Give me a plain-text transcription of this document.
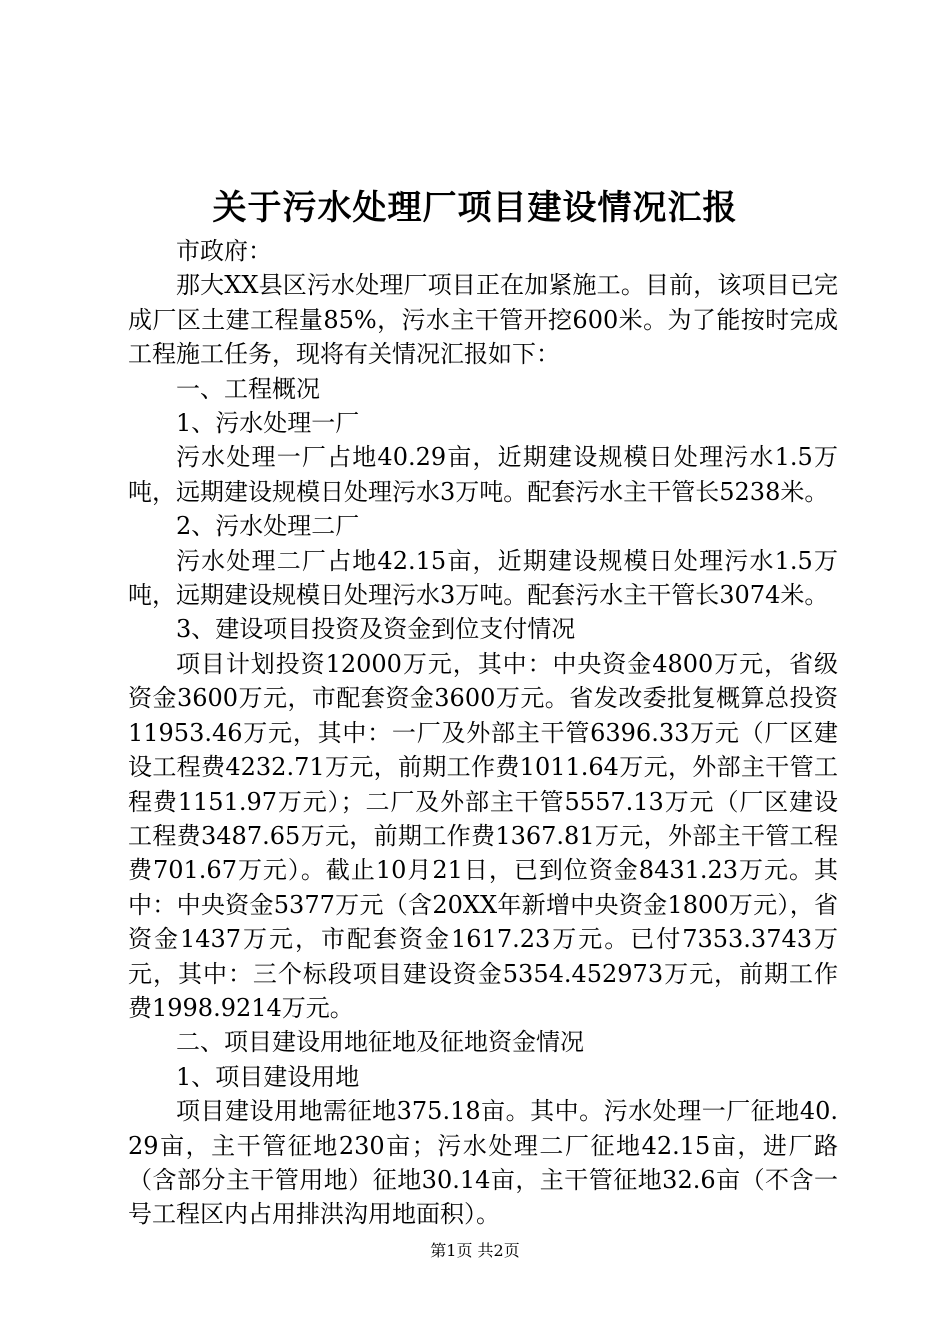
关于污水处理厂项目建设情况汇报

市政府：

那大XX县区污水处理厂项目正在加紧施工。目前，该项目已完成厂区土建工程量85%，污水主干管开挖600米。为了能按时完成工程施工任务，现将有关情况汇报如下：

一、工程概况

1、污水处理一厂

污水处理一厂占地40.29亩，近期建设规模日处理污水1.5万吨，远期建设规模日处理污水3万吨。配套污水主干管长5238米。

2、污水处理二厂

污水处理二厂占地42.15亩，近期建设规模日处理污水1.5万吨，远期建设规模日处理污水3万吨。配套污水主干管长3074米。

3、建设项目投资及资金到位支付情况

项目计划投资12000万元，其中：中央资金4800万元，省级资金3600万元，市配套资金3600万元。省发改委批复概算总投资11953.46万元，其中：一厂及外部主干管6396.33万元（厂区建设工程费4232.71万元，前期工作费1011.64万元，外部主干管工程费1151.97万元）；二厂及外部主干管5557.13万元（厂区建设工程费3487.65万元，前期工作费1367.81万元，外部主干管工程费701.67万元）。截止10月21日，已到位资金8431.23万元。其中：中央资金5377万元（含20XX年新增中央资金1800万元），省资金1437万元，市配套资金1617.23万元。已付7353.3743万元，其中：三个标段项目建设资金5354.452973万元，前期工作费1998.9214万元。

二、项目建设用地征地及征地资金情况

1、项目建设用地

项目建设用地需征地375.18亩。其中。污水处理一厂征地40.29亩，主干管征地230亩；污水处理二厂征地42.15亩，进厂路（含部分主干管用地）征地30.14亩，主干管征地32.6亩（不含一号工程区内占用排洪沟用地面积）。

第1页 共2页
